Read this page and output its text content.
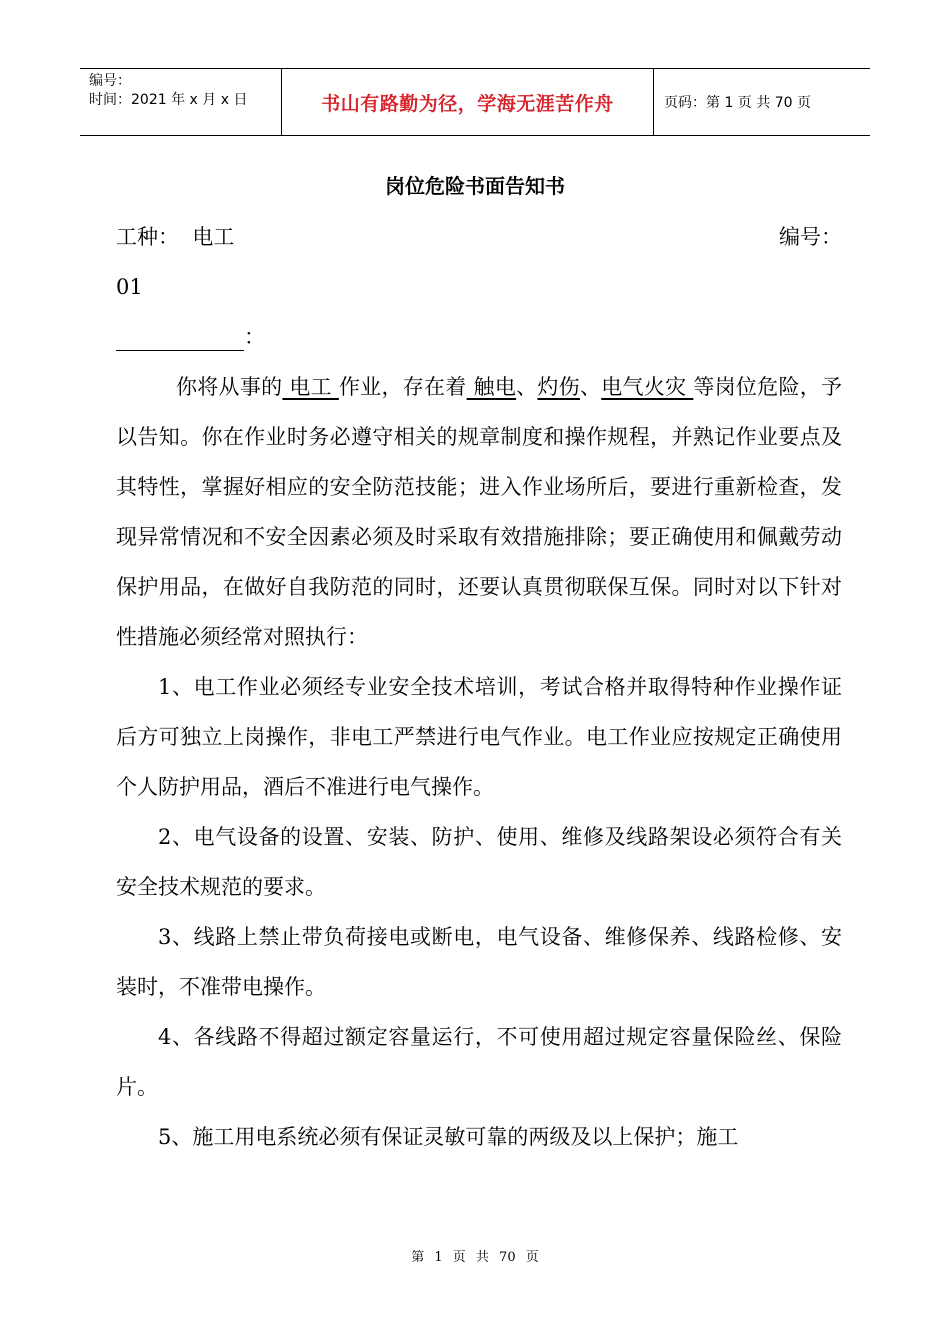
编号：
时间：2021 年 x 月 x 日	书山有路勤为径，学海无涯苦作舟	页码：第 1 页 共 70 页
岗位危险书面告知书
工种： 电工	编号：
01
：

你将从事的 电工 作业，存在着 触电、灼伤、电气火灾 等岗位危险，予以告知。你在作业时务必遵守相关的规章制度和操作规程，并熟记作业要点及其特性，掌握好相应的安全防范技能；进入作业场所后，要进行重新检查，发现异常情况和不安全因素必须及时采取有效措施排除；要正确使用和佩戴劳动保护用品，在做好自我防范的同时，还要认真贯彻联保互保。同时对以下针对性措施必须经常对照执行：

1、电工作业必须经专业安全技术培训，考试合格并取得特种作业操作证后方可独立上岗操作，非电工严禁进行电气作业。电工作业应按规定正确使用个人防护用品，酒后不准进行电气操作。

2、电气设备的设置、安装、防护、使用、维修及线路架设必须符合有关安全技术规范的要求。

3、线路上禁止带负荷接电或断电，电气设备、维修保养、线路检修、安装时，不准带电操作。

4、各线路不得超过额定容量运行，不可使用超过规定容量保险丝、保险片。

5、施工用电系统必须有保证灵敏可靠的两级及以上保护；施工

第 1 页 共 70 页
